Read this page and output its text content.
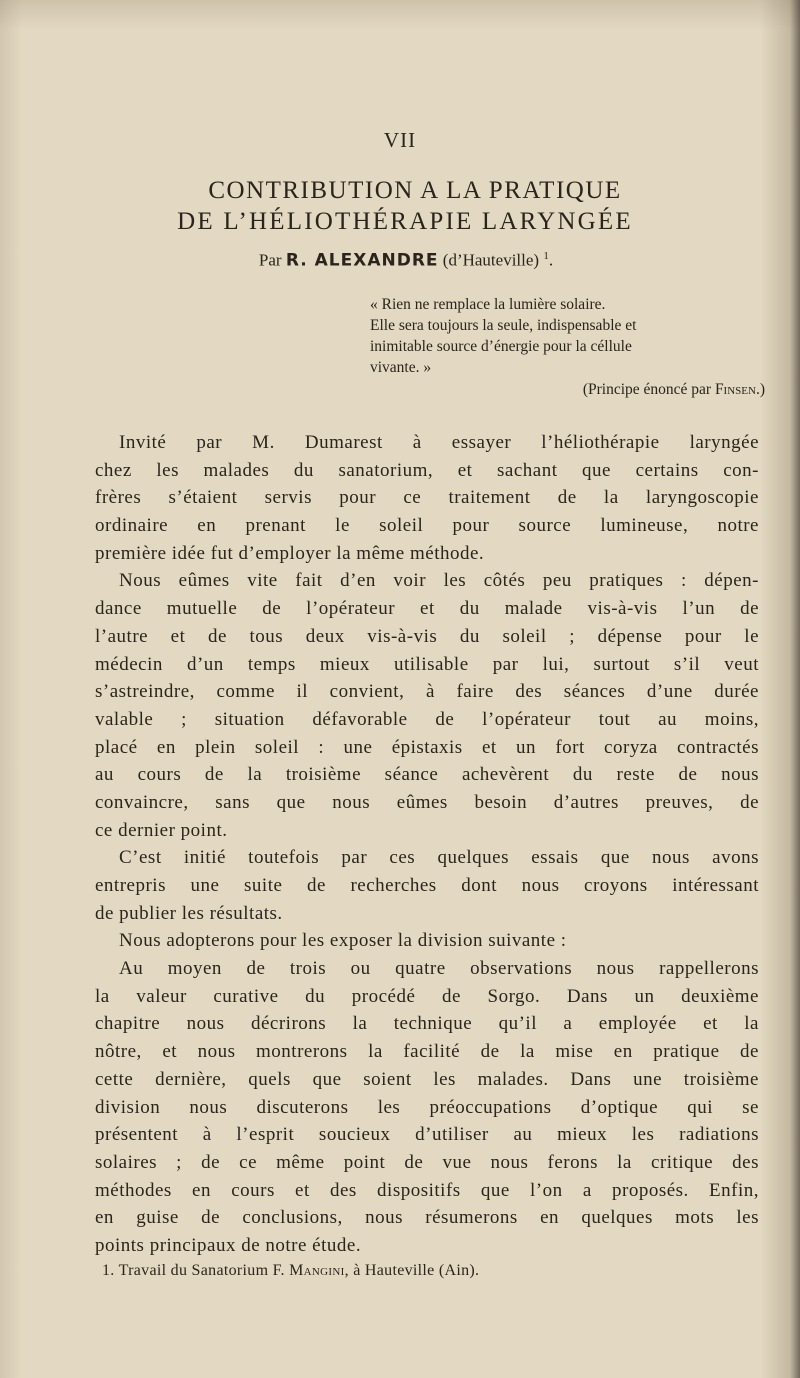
VII
CONTRIBUTION A LA PRATIQUE
DE L’HÉLIOTHÉRAPIE LARYNGÉE
Par R. ALEXANDRE (d’Hauteville) $^1$.
« Rien ne remplace la lumière solaire.
Elle sera toujours la seule, indispensable et
inimitable source d’énergie pour la céllule
vivante. »
(Principe énoncé par Finsen.)
Invité par M. Dumarest à essayer l’héliothérapie laryngée
chez les malades du sanatorium, et sachant que certains con-
frères s’étaient servis pour ce traitement de la laryngoscopie
ordinaire en prenant le soleil pour source lumineuse, notre
première idée fut d’employer la même méthode.
Nous eûmes vite fait d’en voir les côtés peu pratiques : dépen-
dance mutuelle de l’opérateur et du malade vis-à-vis l’un de
l’autre et de tous deux vis-à-vis du soleil ; dépense pour le
médecin d’un temps mieux utilisable par lui, surtout s’il veut
s’astreindre, comme il convient, à faire des séances d’une durée
valable ; situation défavorable de l’opérateur tout au moins,
placé en plein soleil : une épistaxis et un fort coryza contractés
au cours de la troisième séance achevèrent du reste de nous
convaincre, sans que nous eûmes besoin d’autres preuves, de
ce dernier point.
C’est initié toutefois par ces quelques essais que nous avons
entrepris une suite de recherches dont nous croyons intéressant
de publier les résultats.
Nous adopterons pour les exposer la division suivante :
Au moyen de trois ou quatre observations nous rappellerons
la valeur curative du procédé de Sorgo. Dans un deuxième
chapitre nous décrirons la technique qu’il a employée et la
nôtre, et nous montrerons la facilité de la mise en pratique de
cette dernière, quels que soient les malades. Dans une troisième
division nous discuterons les préoccupations d’optique qui se
présentent à l’esprit soucieux d’utiliser au mieux les radiations
solaires ; de ce même point de vue nous ferons la critique des
méthodes en cours et des dispositifs que l’on a proposés. Enfin,
en guise de conclusions, nous résumerons en quelques mots les
points principaux de notre étude.
1. Travail du Sanatorium F. Mangini, à Hauteville (Ain).
